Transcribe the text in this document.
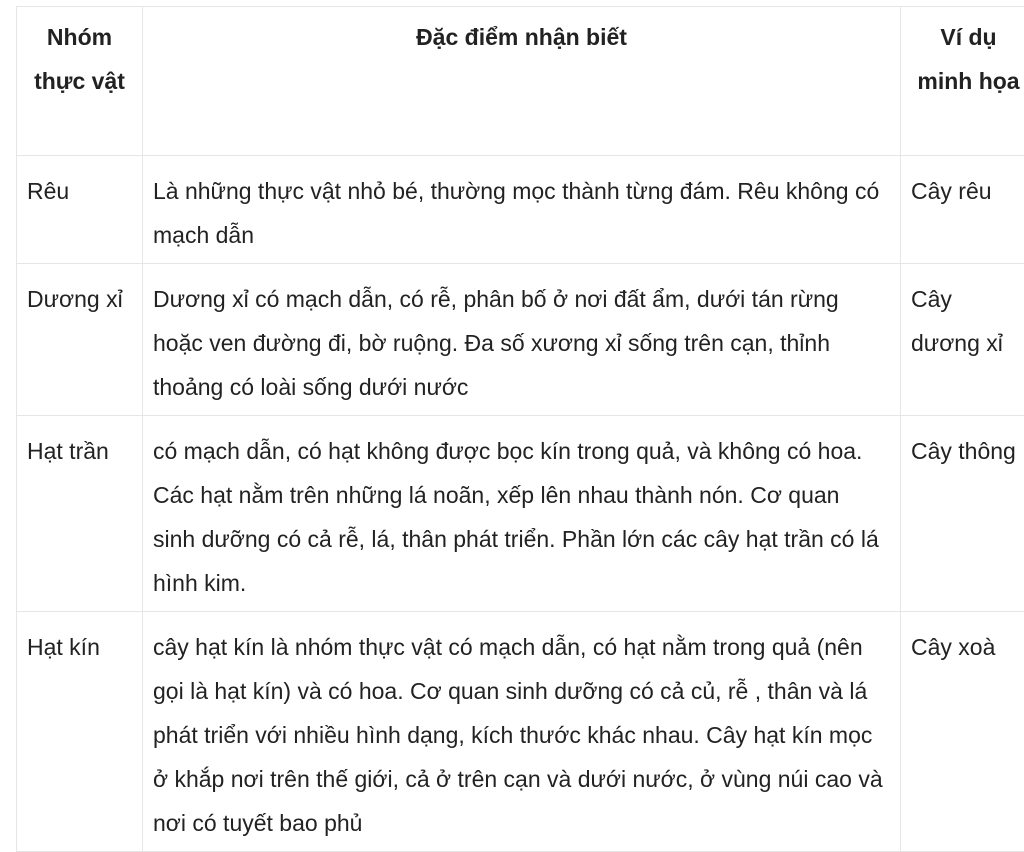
Nhóm thực vật	Đặc điểm nhận biết	Ví dụ minh họa
Rêu	Là những thực vật nhỏ bé, thường mọc thành từng đám. Rêu không có mạch dẫn	Cây rêu
Dương xỉ	Dương xỉ có mạch dẫn, có rễ, phân bố ở nơi đất ẩm, dưới tán rừng hoặc ven đường đi, bờ ruộng. Đa số xương xỉ sống trên cạn, thỉnh thoảng có loài sống dưới nước	Cây dương xỉ
Hạt trần	có mạch dẫn, có hạt không được bọc kín trong quả, và không có hoa. Các hạt nằm trên những lá noãn, xếp lên nhau thành nón. Cơ quan sinh dưỡng có cả rễ, lá, thân phát triển. Phần lớn các cây hạt trần có lá hình kim.	Cây thông
Hạt kín	cây hạt kín là nhóm thực vật có mạch dẫn, có hạt nằm trong quả (nên gọi là hạt kín) và có hoa. Cơ quan sinh dưỡng có cả củ, rễ , thân và lá phát triển với nhiều hình dạng, kích thước khác nhau. Cây hạt kín mọc ở khắp nơi trên thế giới, cả ở trên cạn và dưới nước, ở vùng núi cao và nơi có tuyết bao phủ	Cây xoà
